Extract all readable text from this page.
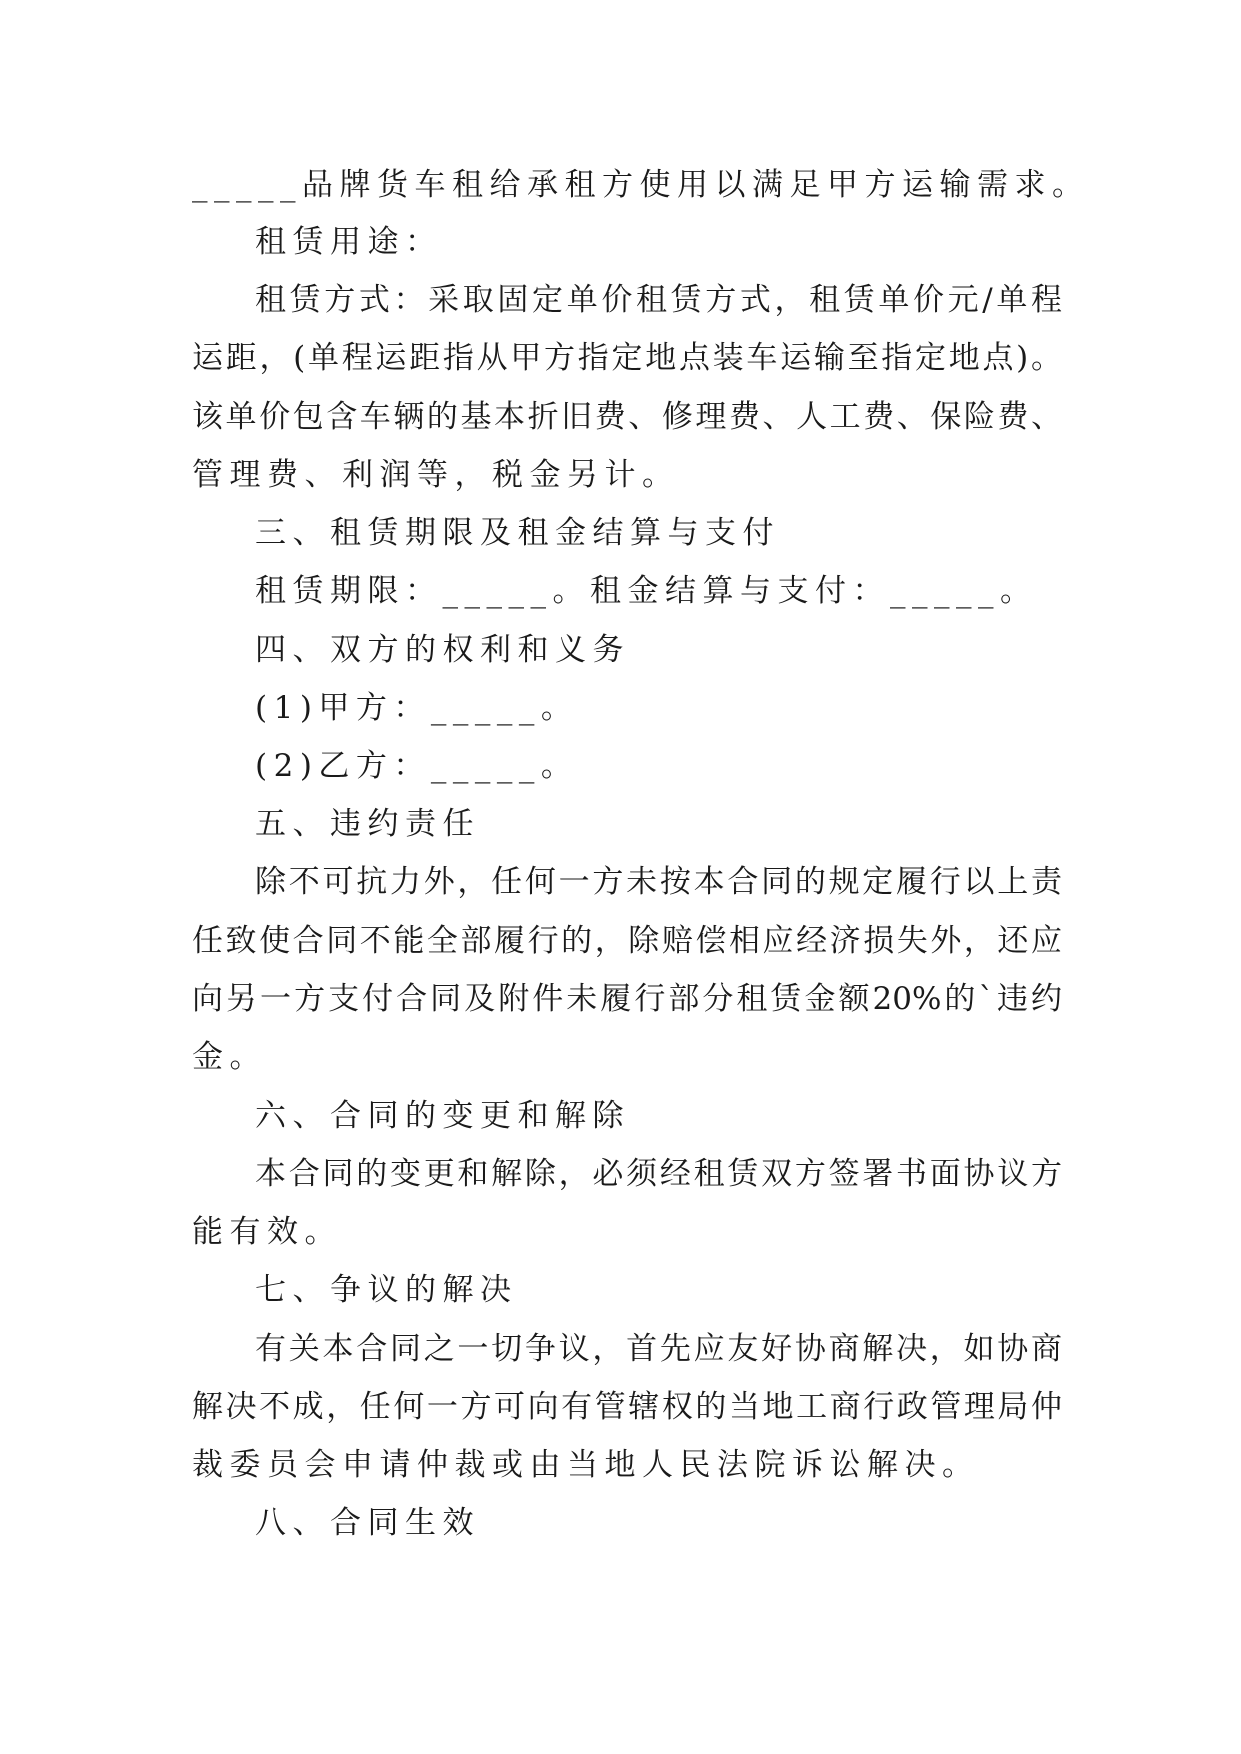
_____品牌货车租给承租方使用以满足甲方运输需求。
租赁用途：
租赁方式：采取固定单价租赁方式，租赁单价元/单程
运距，(单程运距指从甲方指定地点装车运输至指定地点)。
该单价包含车辆的基本折旧费、修理费、人工费、保险费、
管理费、利润等，税金另计。
三、租赁期限及租金结算与支付
租赁期限：_____。租金结算与支付：_____。
四、双方的权利和义务
(1)甲方：_____。
(2)乙方：_____。
五、违约责任
除不可抗力外，任何一方未按本合同的规定履行以上责
任致使合同不能全部履行的，除赔偿相应经济损失外，还应
向另一方支付合同及附件未履行部分租赁金额20%的`违约
金。
六、合同的变更和解除
本合同的变更和解除，必须经租赁双方签署书面协议方
能有效。
七、争议的解决
有关本合同之一切争议，首先应友好协商解决，如协商
解决不成，任何一方可向有管辖权的当地工商行政管理局仲
裁委员会申请仲裁或由当地人民法院诉讼解决。
八、合同生效
